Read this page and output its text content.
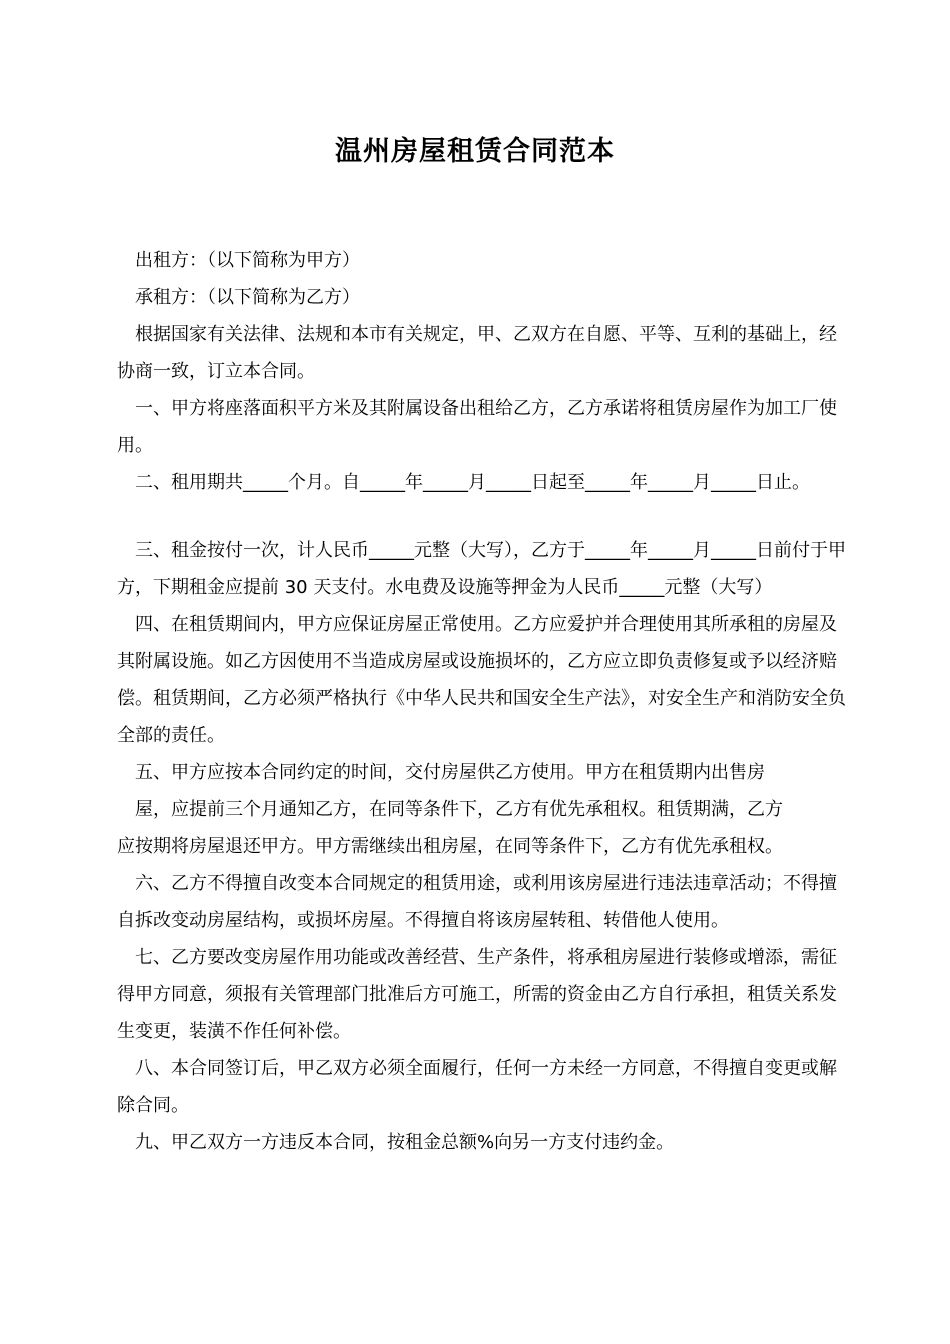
温州房屋租赁合同范本

出租方：（以下简称为甲方）

承租方：（以下简称为乙方）

根据国家有关法律、法规和本市有关规定，甲、乙双方在自愿、平等、互利的基础上，经协商一致，订立本合同。

一、甲方将座落面积平方米及其附属设备出租给乙方，乙方承诺将租赁房屋作为加工厂使用。

二、租用期共_____个月。自_____年_____月_____日起至_____年_____月_____日止。

三、租金按付一次，计人民币_____元整（大写），乙方于_____年_____月_____日前付于甲方，下期租金应提前 30 天支付。水电费及设施等押金为人民币_____元整（大写）

四、在租赁期间内，甲方应保证房屋正常使用。乙方应爱护并合理使用其所承租的房屋及其附属设施。如乙方因使用不当造成房屋或设施损坏的，乙方应立即负责修复或予以经济赔偿。租赁期间，乙方必须严格执行《中华人民共和国安全生产法》，对安全生产和消防安全负全部的责任。

五、甲方应按本合同约定的时间，交付房屋供乙方使用。甲方在租赁期内出售房

屋，应提前三个月通知乙方，在同等条件下，乙方有优先承租权。租赁期满，乙方

应按期将房屋退还甲方。甲方需继续出租房屋，在同等条件下，乙方有优先承租权。

六、乙方不得擅自改变本合同规定的租赁用途，或利用该房屋进行违法违章活动；不得擅自拆改变动房屋结构，或损坏房屋。不得擅自将该房屋转租、转借他人使用。

七、乙方要改变房屋作用功能或改善经营、生产条件，将承租房屋进行装修或增添，需征得甲方同意，须报有关管理部门批准后方可施工，所需的资金由乙方自行承担，租赁关系发生变更，装潢不作任何补偿。

八、本合同签订后，甲乙双方必须全面履行，任何一方未经一方同意，不得擅自变更或解除合同。

九、甲乙双方一方违反本合同，按租金总额%向另一方支付违约金。
